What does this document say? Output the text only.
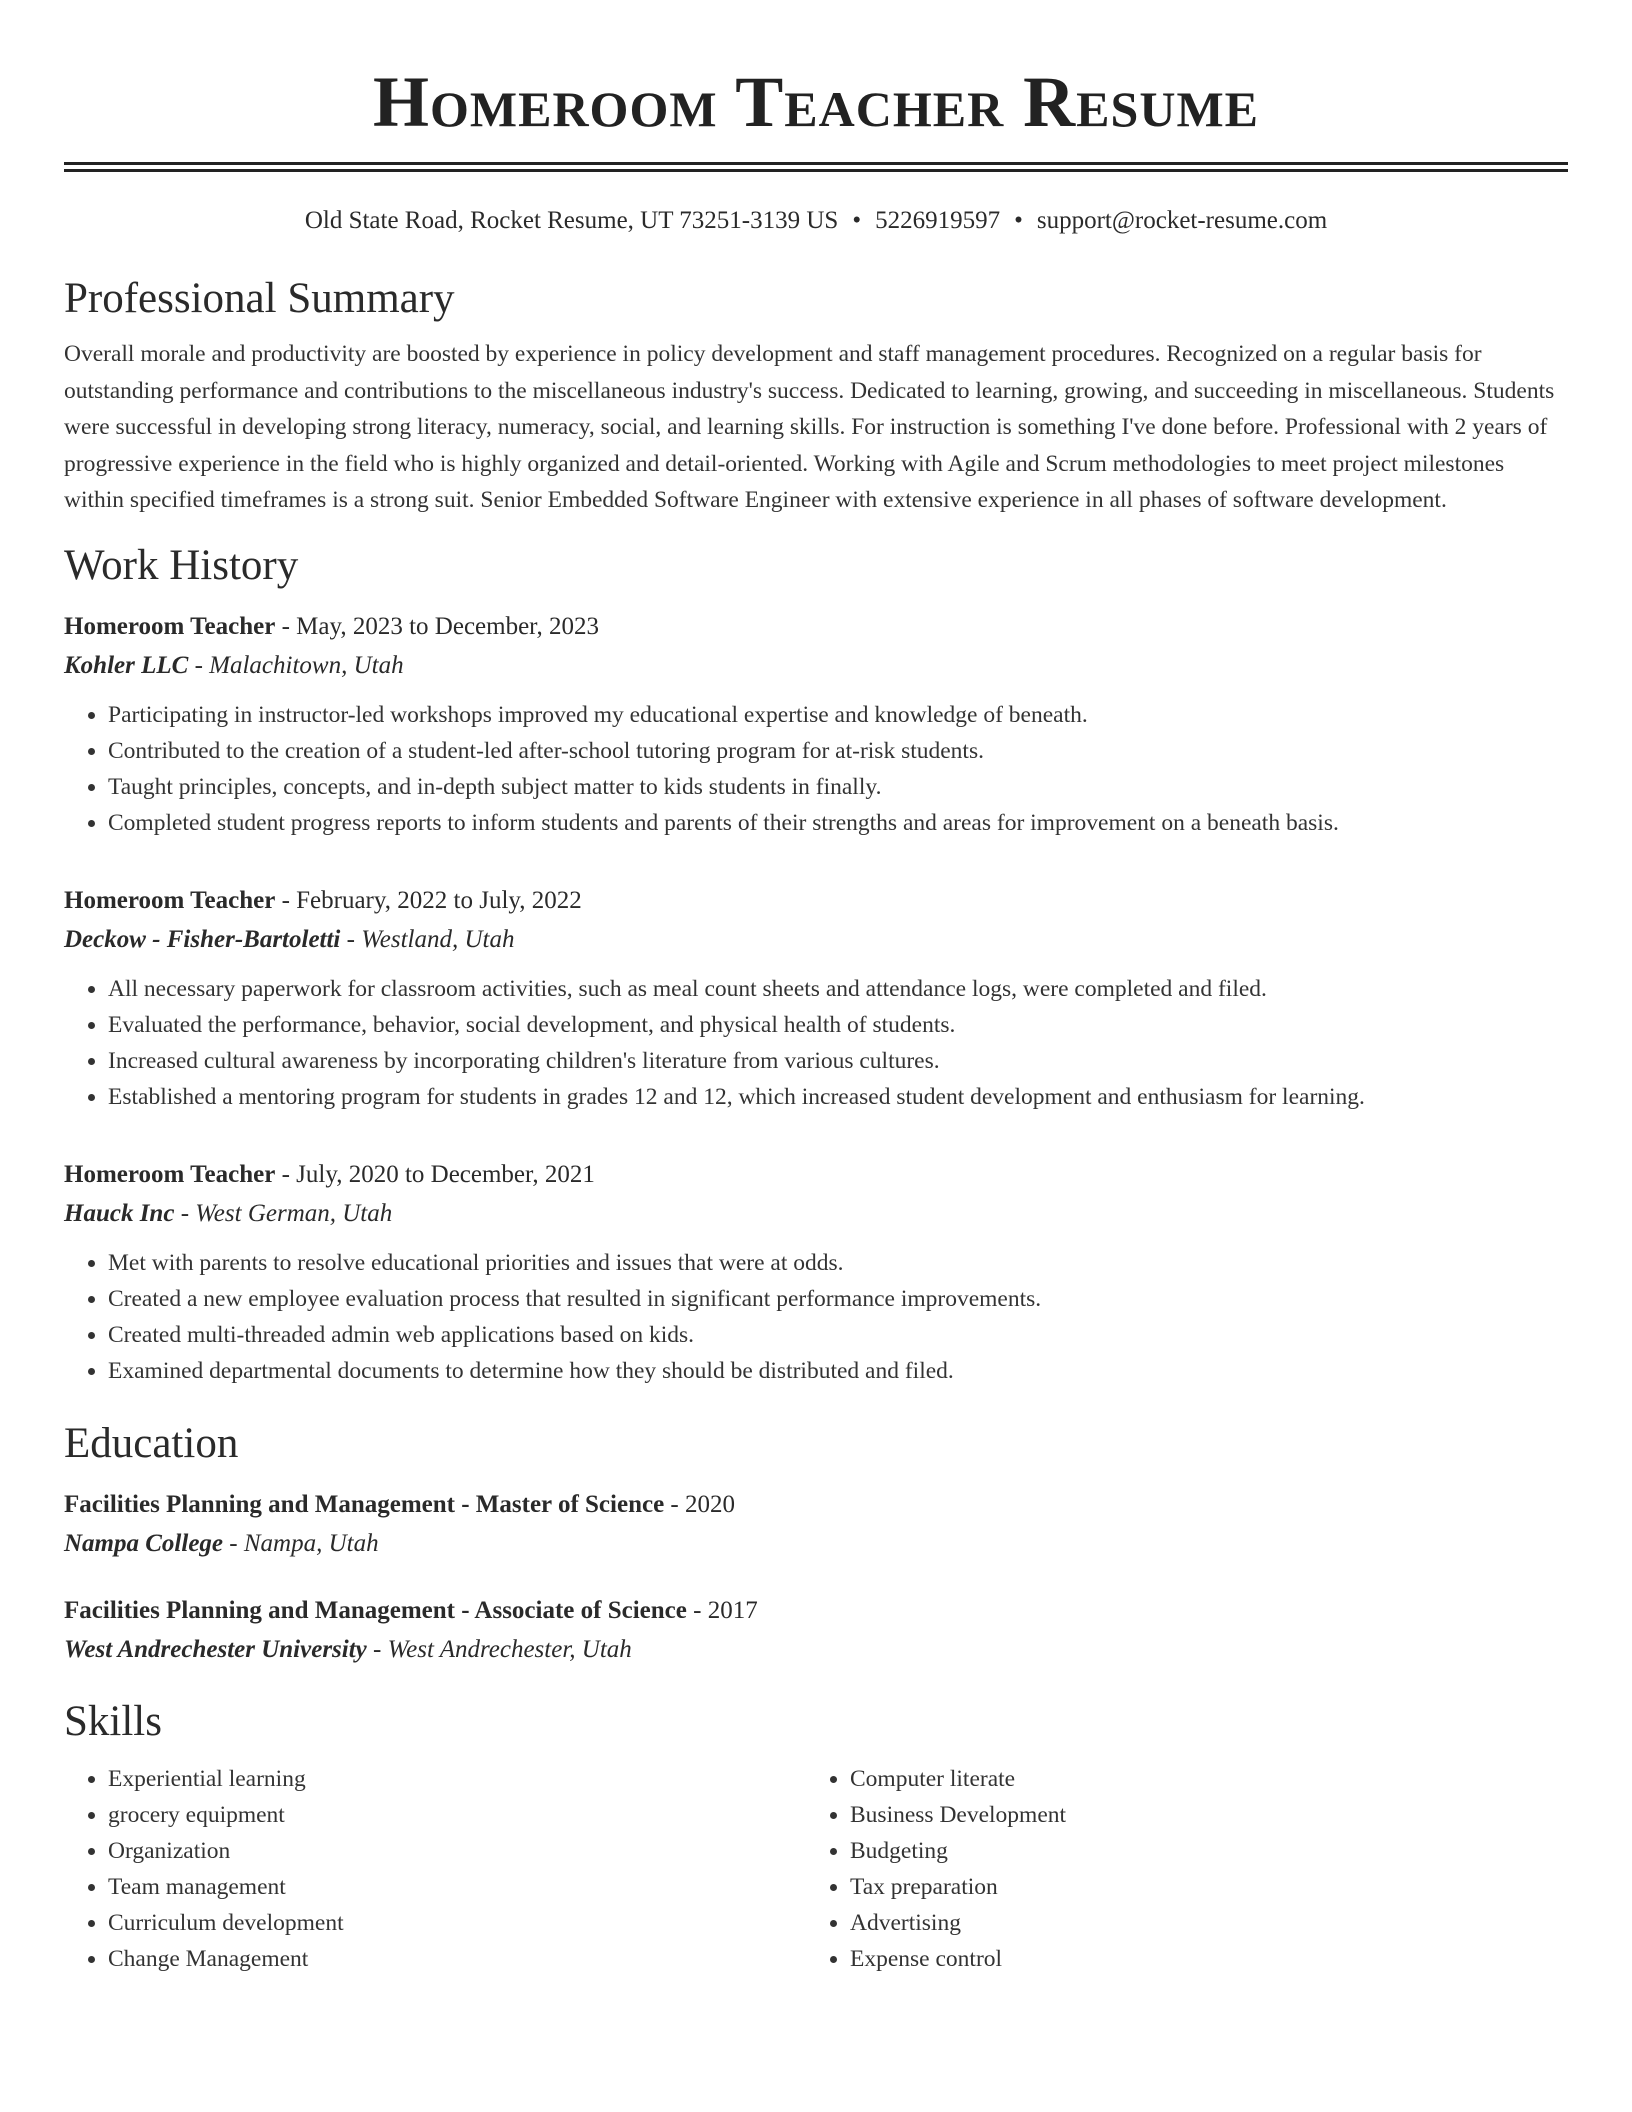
Homeroom Teacher Resume
Old State Road, Rocket Resume, UT 73251-3139 US • 5226919597 • support@rocket-resume.com
Professional Summary
Overall morale and productivity are boosted by experience in policy development and staff management procedures. Recognized on a regular basis for outstanding performance and contributions to the miscellaneous industry's success. Dedicated to learning, growing, and succeeding in miscellaneous. Students were successful in developing strong literacy, numeracy, social, and learning skills. For instruction is something I've done before. Professional with 2 years of progressive experience in the field who is highly organized and detail-oriented. Working with Agile and Scrum methodologies to meet project milestones within specified timeframes is a strong suit. Senior Embedded Software Engineer with extensive experience in all phases of software development.
Work History
Homeroom Teacher - May, 2023 to December, 2023
Kohler LLC - Malachitown, Utah
• Participating in instructor-led workshops improved my educational expertise and knowledge of beneath.
• Contributed to the creation of a student-led after-school tutoring program for at-risk students.
• Taught principles, concepts, and in-depth subject matter to kids students in finally.
• Completed student progress reports to inform students and parents of their strengths and areas for improvement on a beneath basis.
Homeroom Teacher - February, 2022 to July, 2022
Deckow - Fisher-Bartoletti - Westland, Utah
• All necessary paperwork for classroom activities, such as meal count sheets and attendance logs, were completed and filed.
• Evaluated the performance, behavior, social development, and physical health of students.
• Increased cultural awareness by incorporating children's literature from various cultures.
• Established a mentoring program for students in grades 12 and 12, which increased student development and enthusiasm for learning.
Homeroom Teacher - July, 2020 to December, 2021
Hauck Inc - West German, Utah
• Met with parents to resolve educational priorities and issues that were at odds.
• Created a new employee evaluation process that resulted in significant performance improvements.
• Created multi-threaded admin web applications based on kids.
• Examined departmental documents to determine how they should be distributed and filed.
Education
Facilities Planning and Management - Master of Science - 2020
Nampa College - Nampa, Utah
Facilities Planning and Management - Associate of Science - 2017
West Andrechester University - West Andrechester, Utah
Skills
• Experiential learning
• grocery equipment
• Organization
• Team management
• Curriculum development
• Change Management
• Computer literate
• Business Development
• Budgeting
• Tax preparation
• Advertising
• Expense control
